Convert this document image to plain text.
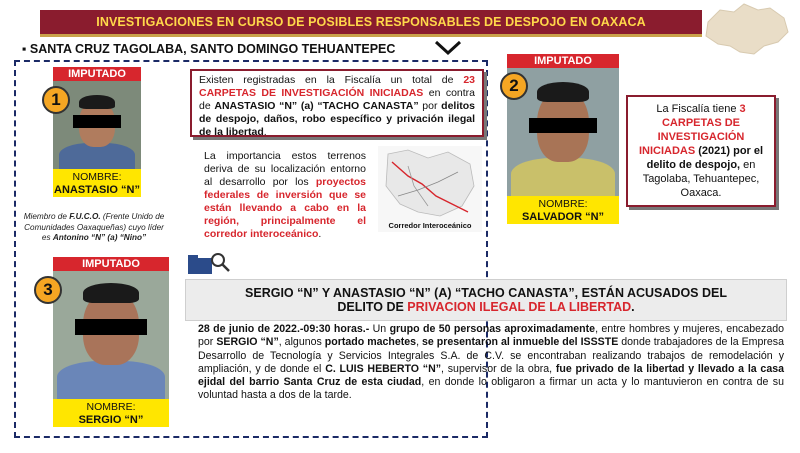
INVESTIGACIONES EN CURSO DE POSIBLES RESPONSABLES DE DESPOJO EN OAXACA
▪ SANTA CRUZ TAGOLABA, SANTO DOMINGO TEHUANTEPEC
IMPUTADO
NOMBRE:
ANASTASIO “N”
1
Miembro de F.U.C.O. (Frente Unido de Comunidades Oaxaqueñas) cuyo líder es Antonino “N” (a) “Nino”
Existen registradas en la Fiscalía un total de 23 CARPETAS DE INVESTIGACIÓN INICIADAS en contra de ANASTASIO “N” (a) “TACHO CANASTA” por delitos de despojo, daños, robo específico y privación ilegal de la libertad.
La importancia estos terrenos deriva de su localización entorno al desarrollo por los proyectos federales de inversión que se están llevando a cabo en la región, principalmente el corredor interoceánico.
Corredor Interoceánico
IMPUTADO
NOMBRE:
SALVADOR “N”
2
La Fiscalía tiene 3 CARPETAS DE INVESTIGACIÓN INICIADAS (2021) por el delito de despojo, en Tagolaba, Tehuantepec, Oaxaca.
IMPUTADO
NOMBRE:
SERGIO “N”
3	SERGIO “N” Y ANASTASIO “N” (A) “TACHO CANASTA”, ESTÁN ACUSADOS DEL
DELITO DE PRIVACION ILEGAL DE LA LIBERTAD.
28 de junio de 2022.-09:30 horas.- Un grupo de 50 personas aproximadamente, entre hombres y mujeres, encabezado por SERGIO “N”, algunos portado machetes, se presentaron al inmueble del ISSSTE donde trabajadores de la Empresa Desarrollo de Tecnología y Servicios Integrales S.A. de C.V. se encontraban realizando trabajos de remodelación y ampliación, y de donde el C. LUIS HEBERTO “N”, supervisor de la obra, fue privado de la libertad y llevado a la casa ejidal del barrio Santa Cruz de esta ciudad, en donde lo obligaron a firmar un acta y lo mantuvieron en contra de su voluntad hasta a dos de la tarde.
